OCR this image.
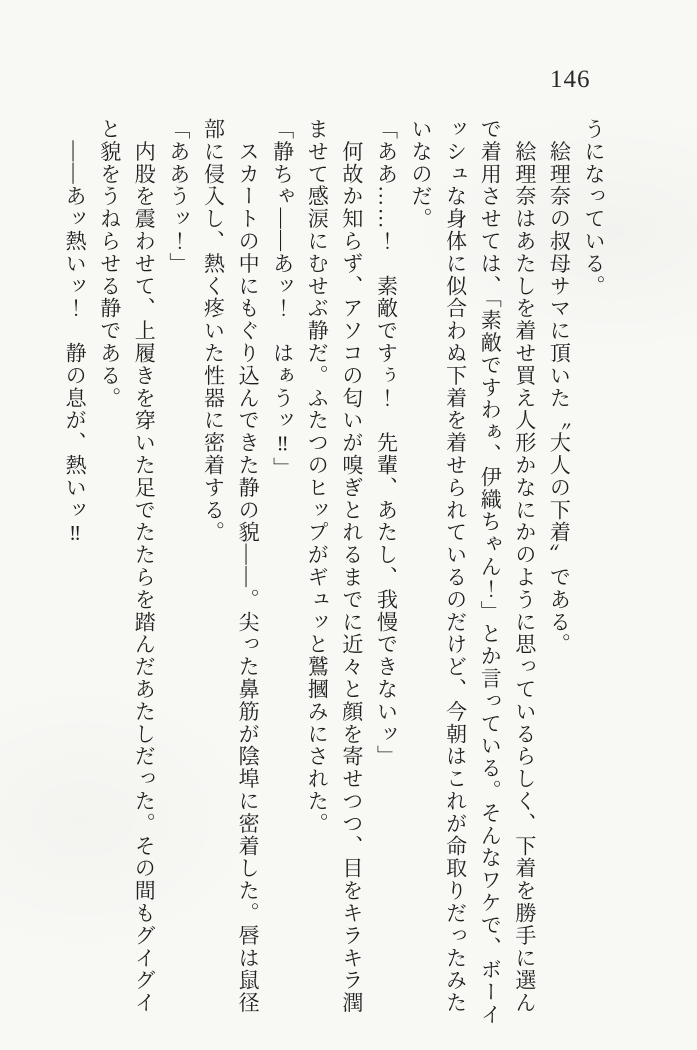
146

うになっている。

　絵理奈の叔母サマに頂いた〝大人の下着〟である。

　絵理奈はあたしを着せ買え人形かなにかのように思っているらしく、下着を勝手に選ん

で着用させては、「素敵ですわぁ、伊織ちゃん！」とか言っている。そんなワケで、ボーイ

ッシュな身体に似合わぬ下着を着せられているのだけど、今朝はこれが命取りだったみた

いなのだ。

「ああ……！　素敵ですぅ！　先輩、あたし、我慢できないッ」

　何故か知らず、アソコの匂いが嗅ぎとれるまでに近々と顔を寄せつつ、目をキラキラ潤

ませて感涙にむせぶ静だ。ふたつのヒップがギュッと鷲摑みにされた。

「静ちゃ——あッ！　はぁうッ‼」

　スカートの中にもぐり込んできた静の貌——。尖った鼻筋が陰埠に密着した。唇は鼠径

部に侵入し、熱く疼いた性器に密着する。

「ああうッ！」

　内股を震わせて、上履きを穿いた足でたたらを踏んだあたしだった。その間もグイグイ

と貌をうねらせる静である。

　——あッ熱いッ！　静の息が、熱いッ‼
